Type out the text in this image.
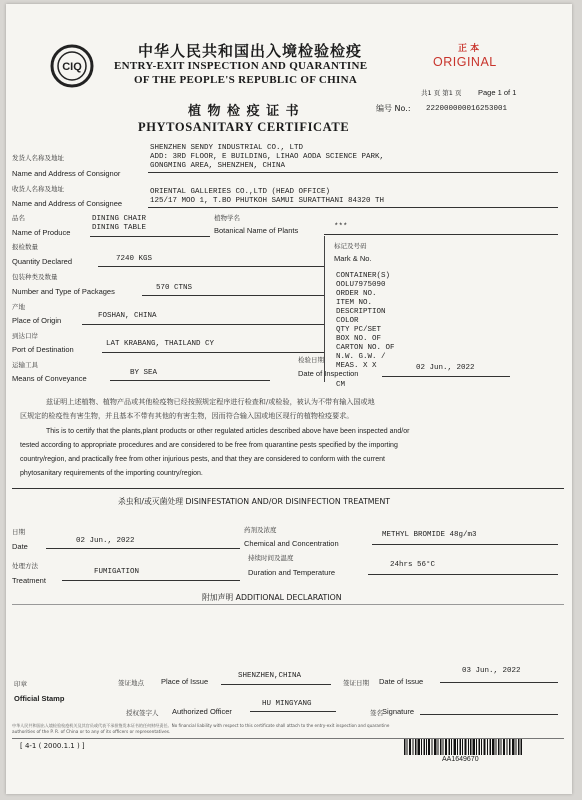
CIQ
中华人民共和国出入境检验检疫
ENTRY-EXIT INSPECTION AND QUARANTINE
OF THE PEOPLE'S REPUBLIC OF CHINA
正 本
ORIGINAL
共1 页 第1 页 Page 1 of 1
植 物 检 疫 证 书
PHYTOSANITARY CERTIFICATE
编号 No.: 222000000016253001
发货人名称及地址
Name and Address of Consignor
SHENZHEN SENDY INDUSTRIAL CO., LTD
ADD: 3RD FLOOR, E BUILDING, LIHAO AODA SCIENCE PARK,
GONGMING AREA, SHENZHEN, CHINA
收货人名称及地址
Name and Address of Consignee
ORIENTAL GALLERIES CO.,LTD (HEAD OFFICE)
125/17 MOO 1, T.BO PHUTKOH SAMUI SURATTHANI 84320 TH
品名
Name of Produce
DINING CHAIR
DINING TABLE
植物学名
Botanical Name of Plants	***
报检数量
Quantity Declared	7240 KGS
包装种类及数量
Number and Type of Packages	570 CTNS
产地
Place of Origin	FOSHAN, CHINA
到达口岸
Port of Destination
LAT KRABANG, THAILAND CY
运输工具
Means of Conveyance
BY SEA
检验日期
Date of Inspection
02 Jun., 2022
标记及号码
Mark & No.
CONTAINER(S)
OOLU7975090
ORDER NO.
ITEM NO.
DESCRIPTION
COLOR
QTY PC/SET
BOX NO. OF
CARTON NO. OF
N.W. G.W. /
MEAS. X X
CM
兹证明上述植物、植物产品或其他检疫物已经按照规定程序进行检查和/或检验，被认为不带有输入国或地
区规定的检疫性有害生物，并且基本不带有其他的有害生物，因而符合输入国或地区现行的植物检疫要求。
This is to certify that the plants,plant products or other regulated articles described above have been inspected and/or
tested according to appropriate procedures and are considered to be free from quarantine pests specified by the importing
country/region, and practically free from other injurious pests, and that they are considered to conform with the current
phytosanitary requirements of the importing country/region.
杀虫和/或灭菌处理 DISINFESTATION AND/OR DISINFECTION TREATMENT
日期
Date
02 Jun., 2022
药剂及浓度
Chemical and Concentration
METHYL BROMIDE 48g/m3
处理方法
Treatment
FUMIGATION
持续时间及温度
Duration and Temperature
24hrs 56°C
附加声明 ADDITIONAL DECLARATION
印章
Official Stamp
签证地点 Place of Issue
SHENZHEN,CHINA
签证日期 Date of Issue
03 Jun., 2022
授权签字人 Authorized Officer
HU MINGYANG
签名 Signature
中华人民共和国出入境检验检疫机关及其官员或代表不承担签发本证书的任何财经责任。No financial liability with respect to this certificate shall attach to the entry-exit inspection and quarantine
authorities of the P. R. of China or to any of its officers or representatives.
[ 4-1 ( 2000.1.1 ) ]
AA1649670
